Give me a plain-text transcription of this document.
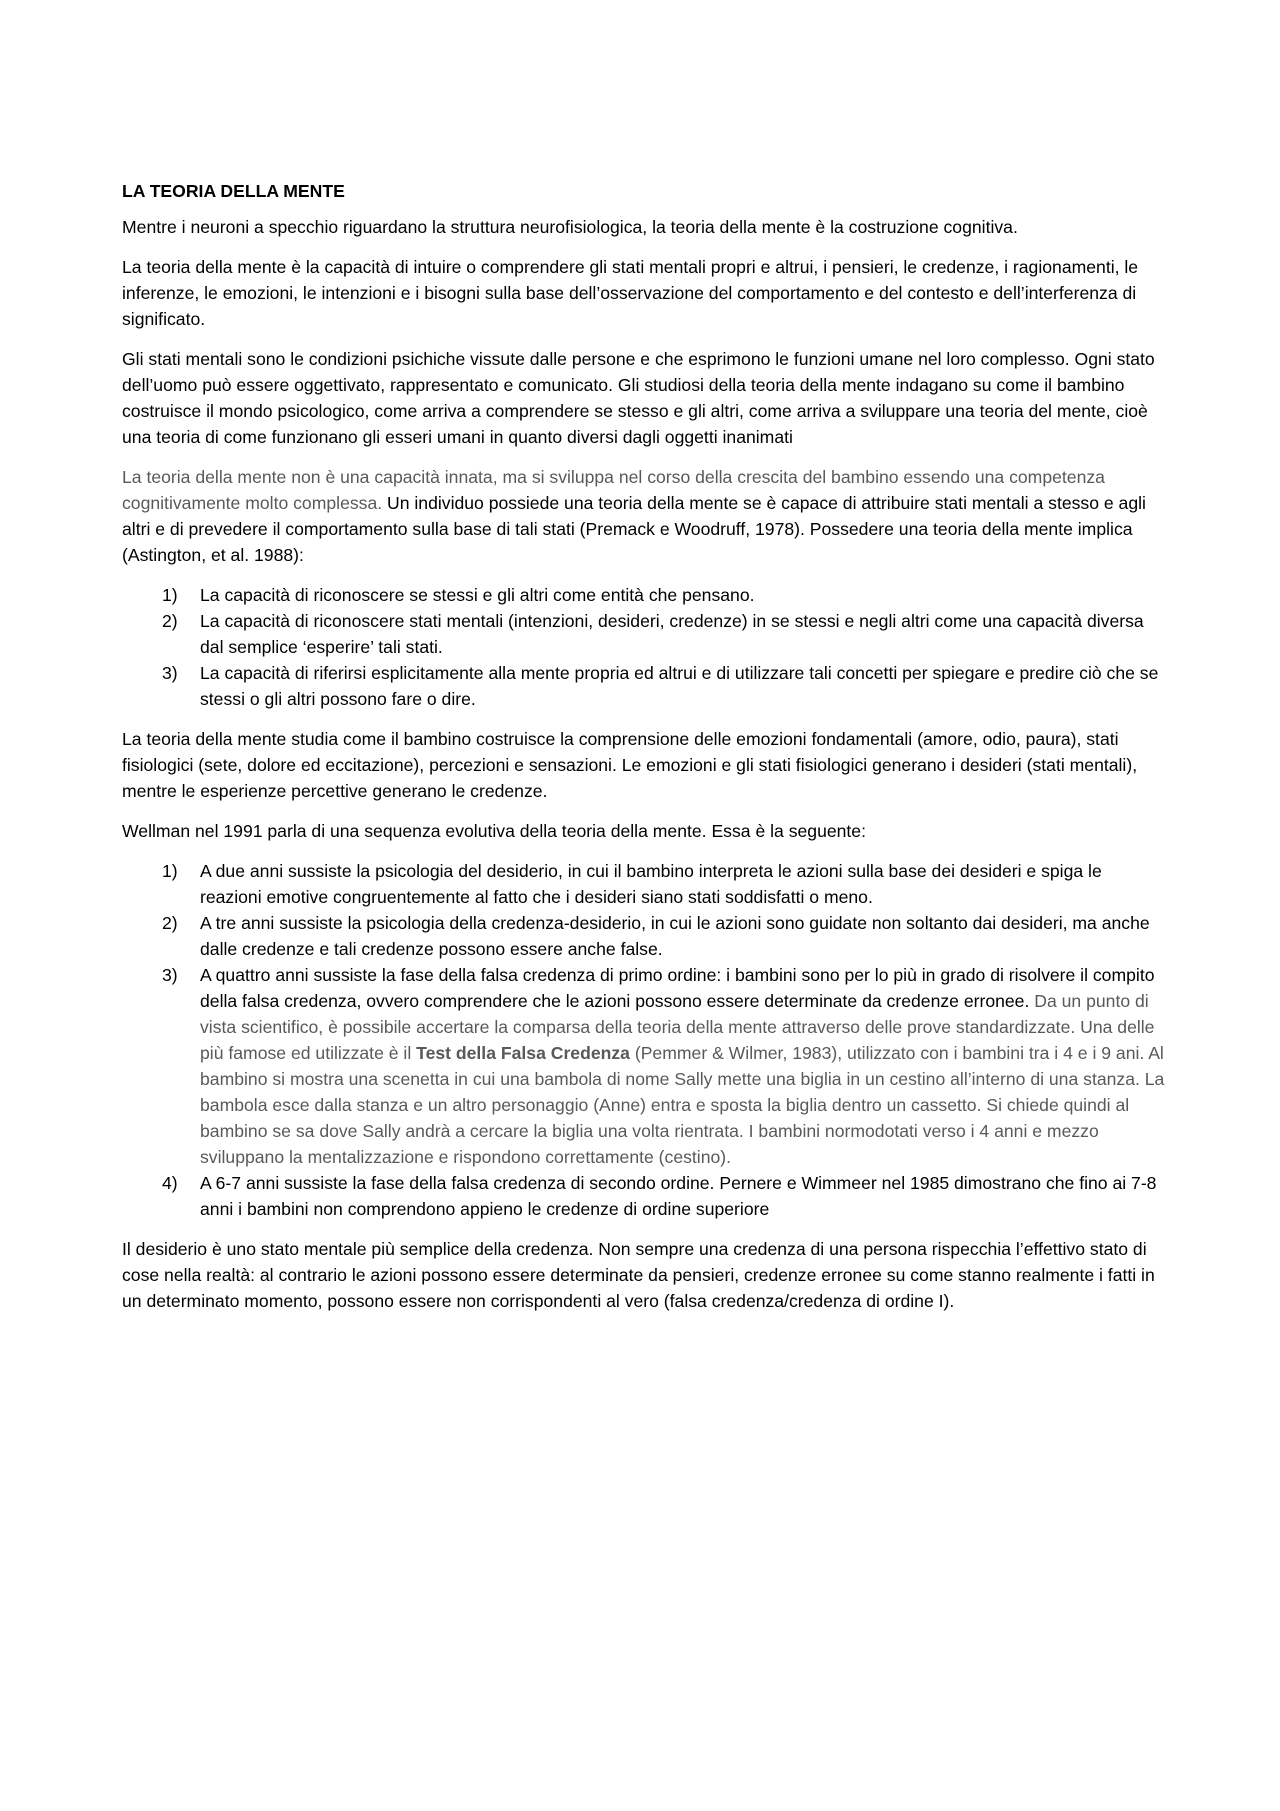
LA TEORIA DELLA MENTE

Mentre i neuroni a specchio riguardano la struttura neurofisiologica, la teoria della mente è la costruzione cognitiva.

La teoria della mente è la capacità di intuire o comprendere gli stati mentali propri e altrui, i pensieri, le credenze, i ragionamenti, le inferenze, le emozioni, le intenzioni e i bisogni sulla base dell’osservazione del comportamento e del contesto e dell’interferenza di significato.

Gli stati mentali sono le condizioni psichiche vissute dalle persone e che esprimono le funzioni umane nel loro complesso. Ogni stato dell’uomo può essere oggettivato, rappresentato e comunicato. Gli studiosi della teoria della mente indagano su come il bambino costruisce il mondo psicologico, come arriva a comprendere se stesso e gli altri, come arriva a sviluppare una teoria del mente, cioè una teoria di come funzionano gli esseri umani in quanto diversi dagli oggetti inanimati

La teoria della mente non è una capacità innata, ma si sviluppa nel corso della crescita del bambino essendo una competenza cognitivamente molto complessa. Un individuo possiede una teoria della mente se è capace di attribuire stati mentali a stesso e agli altri e di prevedere il comportamento sulla base di tali stati (Premack e Woodruff, 1978). Possedere una teoria della mente implica (Astington, et al. 1988):

1) La capacità di riconoscere se stessi e gli altri come entità che pensano.
2) La capacità di riconoscere stati mentali (intenzioni, desideri, credenze) in se stessi e negli altri come una capacità diversa dal semplice ‘esperire’ tali stati.
3) La capacità di riferirsi esplicitamente alla mente propria ed altrui e di utilizzare tali concetti per spiegare e predire ciò che se stessi o gli altri possono fare o dire.

La teoria della mente studia come il bambino costruisce la comprensione delle emozioni fondamentali (amore, odio, paura), stati fisiologici (sete, dolore ed eccitazione), percezioni e sensazioni. Le emozioni e gli stati fisiologici generano i desideri (stati mentali), mentre le esperienze percettive generano le credenze.

Wellman nel 1991 parla di una sequenza evolutiva della teoria della mente. Essa è la seguente:

1) A due anni sussiste la psicologia del desiderio, in cui il bambino interpreta le azioni sulla base dei desideri e spiga le reazioni emotive congruentemente al fatto che i desideri siano stati soddisfatti o meno.
2) A tre anni sussiste la psicologia della credenza-desiderio, in cui le azioni sono guidate non soltanto dai desideri, ma anche dalle credenze e tali credenze possono essere anche false.
3) A quattro anni sussiste la fase della falsa credenza di primo ordine: i bambini sono per lo più in grado di risolvere il compito della falsa credenza, ovvero comprendere che le azioni possono essere determinate da credenze erronee. Da un punto di vista scientifico, è possibile accertare la comparsa della teoria della mente attraverso delle prove standardizzate. Una delle più famose ed utilizzate è il Test della Falsa Credenza (Pemmer & Wilmer, 1983), utilizzato con i bambini tra i 4 e i 9 ani. Al bambino si mostra una scenetta in cui una bambola di nome Sally mette una biglia in un cestino all’interno di una stanza. La bambola esce dalla stanza e un altro personaggio (Anne) entra e sposta la biglia dentro un cassetto. Si chiede quindi al bambino se sa dove Sally andrà a cercare la biglia una volta rientrata. I bambini normodotati verso i 4 anni e mezzo sviluppano la mentalizzazione e rispondono correttamente (cestino).
4) A 6-7 anni sussiste la fase della falsa credenza di secondo ordine. Pernere e Wimmeer nel 1985 dimostrano che fino ai 7-8 anni i bambini non comprendono appieno le credenze di ordine superiore

Il desiderio è uno stato mentale più semplice della credenza. Non sempre una credenza di una persona rispecchia l’effettivo stato di cose nella realtà: al contrario le azioni possono essere determinate da pensieri, credenze erronee su come stanno realmente i fatti in un determinato momento, possono essere non corrispondenti al vero (falsa credenza/credenza di ordine I).
